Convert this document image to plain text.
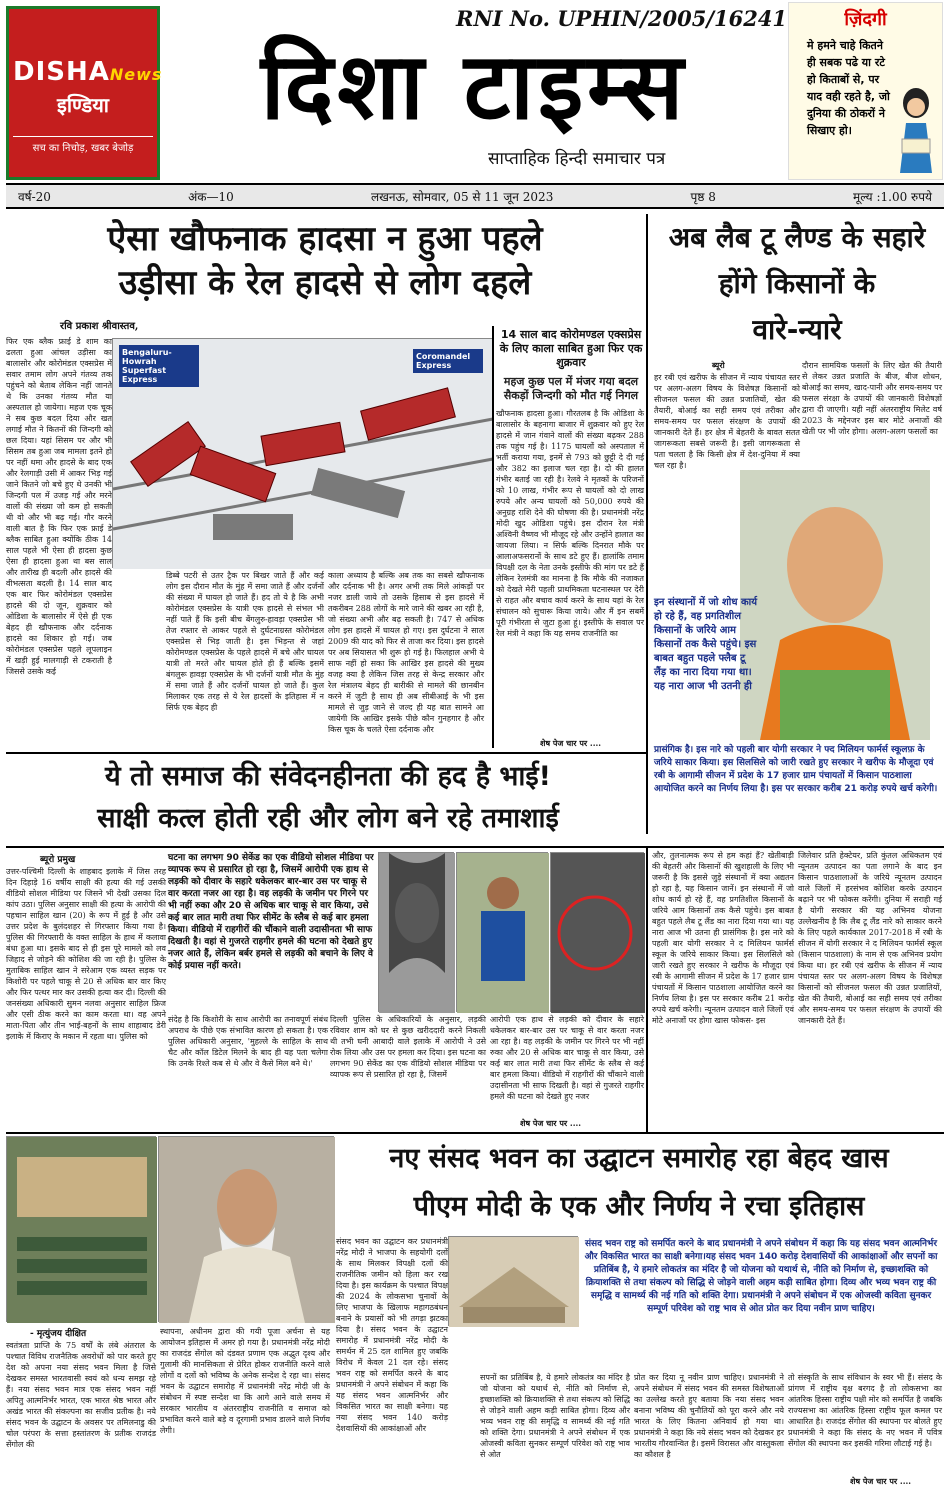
DISHANews
इण्डिया
सच का निचोड़, खबर बेजोड़
RNI No. UPHIN/2005/16241
दिशा टाइम्स
साप्ताहिक हिन्दी समाचार पत्र
ज़िंदगी
मे हमने चाहे कितने ही सबक पढे या रटे हो किताबों से, पर याद वही रहते है, जो दुनिया की ठोकरों ने सिखाए हो।
वर्ष-20	अंक—10	लखनऊ, सोमवार, 05 से 11 जून 2023	पृष्ठ 8	मूल्य :1.00 रुपये
ऐसा खौफनाक हादसा न हुआ पहले
उड़ीसा के रेल हादसे से लोग दहले
रवि प्रकाश श्रीवास्तव,
फिर एक ब्लैक फ्राई डे शाम का ढलता हुआ आंचल उड़ीसा का बालासोर और कोरोमंडल एक्सप्रेस में सवार तमाम लोग अपने गंतव्य तक पहुंचने को बेताब लेकिन नहीं जानते थे कि उनका गंतव्य मौत या अस्पताल हो जायेगा। महज एक चूक ने सब कुछ बदल दिया और खत लगाई मौत ने कितनों की जिन्दगी को छल दिया। यहां सिसम पर और भी सिसम तब हुआ जब मामला इतने हो पर नहीं थमा और हादसे के बाद एक और रेलगाड़ी उसी में आकर भिड़ गई जाने कितने जो बचे हुए थे उनकी भी जिन्दगी पल में उजड़ गई और मरने वालों की संख्या जो कम हो सकती थी वो और भी बढ़ गई। गौर करने वाली बात है कि फिर एक फ्राई डे ब्लैक साबित हुआ क्योंकि ठीक 14 साल पहले भी ऐसा ही हादसा कुछ ऐसा ही हादसा हुआ था बस साल और तारीख ही बदली और हादसे की वीभत्सता बदली है। 14 साल बाद एक बार फिर कोरोमंडल एक्सप्रेस हादसे की दो जून, शुक्रवार को ओडिशा के बालासोर में ऐसे ही एक बेहद ही खौफनाक और दर्दनाक हादसे का शिकार हो गई। जब कोरोमंडल एक्सप्रेस पहले लूपलाइन में खड़ी हुई मालगाड़ी से टकराती है जिससे उसके कई
Bengaluru-Howrah Superfast Express
Coromandel Express
डिब्बे पटरी से उतर ट्रैक पर बिखर जाते हैं और कई लोग इस दौरान मौत के मुंह में समा जाते हैं और दर्जनों की संख्या में घायल हो जाते हैं। हद तो ये है कि अभी कोरोमंडल एक्सप्रेस के यात्री एक हादसे से संभल भी नहीं पाते हैं कि इसी बीच बेंगलुरु-हावड़ा एक्सप्रेस भी तेज रफ्तार से आकर पहले से दुर्घटनाग्रस्त कोरोमंडल एक्सप्रेस से भिड़ जाती है। इस भिड़न्त से जहां कोरोमण्डल एक्सप्रेस के पहले हादसे में बचे और घायल यात्री तो मरते और घायल होते ही हैं बल्कि इसमें बंगलुरू हावड़ा एक्सप्रेस के भी दर्जनों यात्री मौत के मुंह में समा जाते हैं और दर्जनों घायल हो जाते हैं। कुल मिलाकर एक तरह से ये रेल हादसों के इतिहास में न सिर्फ एक बेहद ही
काला अध्याय है बल्कि अब तक का सबसे खौफनाक और दर्दनाक भी है। अगर अभी तक मिले आंकड़ों पर नजर डाली जाये तो उसके हिसाब से इस हादसे में तकरीबन 288 लोगों के मारे जाने की खबर आ रही है, जो संख्या अभी और बढ़ सकती है। 747 से अधिक लोग इस हादसे में घायल हो गए। इस दुर्घटना ने साल 2009 की याद को फिर से ताजा कर दिया। इस हादसे पर अब सियासत भी शुरू हो गई है। फिलहाल अभी ये साफ नहीं हो सका कि आखिर इस हादसे की मुख्य वजह क्या है लेकिन जिस तरह से केन्द्र सरकार और रेल मंत्रालय बेहद ही बारीकी से मामले की छानबीन करने में जुटी है साथ ही अब सीबीआई के भी इस मामले से जुड़ जाने से जल्द ही यह बात सामने आ जायेगी कि आखिर इसके पीछे कौन गुनहगार है और किस चूक के चलते ऐसा दर्दनाक और
14 साल बाद कोरोमण्डल एक्सप्रेस के लिए काला साबित हुआ फिर एक शुक्रवार
महज कुछ पल में मंजर गया बदल सैकड़ों जिन्दगी को मौत गई निगल
खौफनाक हादसा हुआ। गौरतलब है कि ओडिशा के बालासोर के बहनागा बाजार में शुक्रवार को हुए रेल हादसे में जान गंवाने वालों की संख्या बढ़कर 288 तक पहुंच गई है। 1175 घायलों को अस्पताल में भर्ती कराया गया, इनमें से 793 को छुट्टी दे दी गई और 382 का इलाज चल रहा है। दो की हालत गंभीर बताई जा रही है। रेलवे ने मृतकों के परिजनों को 10 लाख, गंभीर रूप से घायलों को दो लाख रुपये और अन्य घायलों को 50,000 रुपये की अनुग्रह राशि देने की घोषणा की है। प्रधानमंत्री नरेंद्र मोदी खुद ओडिशा पहुंचे। इस दौरान रेल मंत्री अश्विनी वैष्णव भी मौजूद रहे और उन्होंने हालात का जायजा लिया। न सिर्फ बल्कि दिनरात मौके पर आलाअफसरानों के साथ डटे हुए हैं। हालांकि तमाम विपक्षी दल के नेता उनके इस्तीफे की मांग पर डटे हैं लेकिन रेलमंत्री का मानना है कि मौके की नजाकत को देखते मेरी पहली प्राथमिकता घटनास्थल पर देरी से राहत और बचाव कार्य करने के साथ यहां के रेल संचालन को सुचारू किया जाये। और मैं इन सबमें पूरी गंभीरता से जुटा हुआ हूं। इस्तीफे के सवाल पर रेल मंत्री ने कहा कि यह समय राजनीति का
शेष पेज चार पर ....
अब लैब टू लैण्ड के सहारे
होंगे किसानों के
वारे-न्यारे
ब्यूरो
हर रबी एवं खरीफ के सीजन में न्याय पंचायत स्तर पर अलग-अलग विषय के विशेषज्ञ किसानों को सीजनल फसल की उन्नत प्रजातियों, खेत की तैयारी, बोआई का सही समय एवं तरीका और समय-समय पर फसल संरक्षण के उपायों की जानकारी देते हैं। हर क्षेत्र में बेहतरी के बावत सतत जागरूकता सबसे जरूरी है। इसी जागरूकता से पता चलता है कि किसी क्षेत्र में देश-दुनिया में क्या चल रहा है।
दौरान सामयिक फसलों के लिए खेत की तैयारी से लेकर उन्नत प्रजाति के बीज, बीज शोधन, बोआई का समय, खाद-पानी और समय-समय पर फसल संरक्षा के उपायों की जानकारी विशेषज्ञों द्वारा दी जाएगी। यही नहीं अंतरराष्ट्रीय मिलेट वर्ष 2023 के मद्देनजर इस बार मोटे अनाजों की खेती पर भी जोर होगा। अलग-अलग फसलों का
इन संस्थानों में जो शोध कार्य हो रहे हैं, वह प्रगतिशील किसानों के जरिये आम किसानों तक कैसे पहुंचे। इस बाबत बहुत पहले फ्लैब टू लैंड़ का नारा दिया गया था। यह नारा आज भी उतनी ही
प्रासंगिक है। इस नारे को पहली बार योगी सरकार ने फ्द मिलियन फार्मर्स स्कूलफ़ के जरिये साकार किया। इस सिलसिले को जारी रखते हुए सरकार ने खरीफ के मौजूदा एवं रबी के आगामी सीजन में प्रदेश के 17 हजार ग्राम पंचायतों में किसान पाठशाला आयोजित करने का निर्णय लिया है। इस पर सरकार करीब 21 करोड़ रुपये खर्च करेगी।
ये तो समाज की संवेदनहीनता की हद है भाई!
साक्षी कत्ल होती रही और लोग बने रहे तमाशाई
ब्यूरो प्रमुख
उत्तर-पश्चिमी दिल्ली के शाहबाद इलाके में जिस तरह दिन दिहाड़े 16 वर्षीय साक्षी की हत्या की गई उसकी वीडियो सोशल मीडिया पर जिसने भी देखी उसका दिल कांप उठा। पुलिस अनुसार साक्षी की हत्या के आरोपी की पहचान साहिल खान (20) के रूप में हुई है और उसे उत्तर प्रदेश के बुलंदशहर से गिरफ्तार किया गया है। पुलिस की गिरफ्तारी के वक्त साहिल के हाथ में कलावा बंधा हुआ था। इसके बाद से ही इस पूरे मामले को लव जिहाद से जोड़ने की कोशिश की जा रही है। पुलिस के मुताबिक साहिल खान ने सरेआम एक व्यस्त सड़क पर किशोरी पर पहले चाकू से 20 से अधिक बार वार किए और फिर पत्थर मार कर उसकी हत्या कर दी। दिल्ली की जनसंख्या अधिकारी सुमन नलवा अनुसार साहिल फ्रिज और एसी ठीक करने का काम करता था। वह अपने माता-पिता और तीन भाई-बहनों के साथ शाहाबाद डेरी इलाके में किराए के मकान में रहता था। पुलिस को
घटना का लगभग 90 सेकेंड का एक वीडियो सोशल मीडिया पर व्यापक रूप से प्रसारित हो रहा है, जिसमें आरोपी एक हाथ से लड़की को दीवार के सहारे धकेलकर बार-बार उस पर चाकू से वार करता नजर आ रहा है। वह लड़की के जमीन पर गिरने पर भी नहीं रुका और 20 से अधिक बार चाकू से वार किया, उसे कई बार लात मारी तथा फिर सीमेंट के स्लैब से कई बार हमला किया। वीडियो में राहगीरों की चौंकाने वाली उदासीनता भी साफ दिखती है। वहां से गुजरते राहगीर हमले की घटना को देखते हुए नजर आते हैं, लेकिन बर्बर हमले से लड़की को बचाने के लिए वे कोई प्रयास नहीं करते।
संदेह है कि किशोरी के साथ आरोपी का तनावपूर्ण संबंध अपराध के पीछे एक संभावित कारण हो सकता है। एक पुलिस अधिकारी अनुसार, 'मुहल्ले के साहिल के साथ चैट और कॉल डिटेल मिलने के बाद ही यह पता चलेगा कि उनके रिश्ते कब से थे और वे कैसे मिल बने थे।'
दिल्ली पुलिस के अधिकारियों के अनुसार, लड़की रविवार शाम को घर से कुछ खरीददारी करने निकली थी तभी घनी आबादी वाले इलाके में आरोपी ने उसे रोक लिया और उस पर हमला कर दिया। इस घटना का लगभग 90 सेकेंड का एक वीडियो सोशल मीडिया पर व्यापक रूप से प्रसारित हो रहा है, जिसमें
आरोपी एक हाथ से लड़की को दीवार के सहारे धकेलकर बार-बार उस पर चाकू से वार करता नजर आ रहा है। वह लड़की के जमीन पर गिरने पर भी नहीं रुका और 20 से अधिक बार चाकू से वार किया, उसे कई बार लात मारी तथा फिर सीमेंट के स्लैब से कई बार हमला किया। वीडियो में राहगीरों की चौंकाने वाली उदासीनता भी साफ दिखती है। वहां से गुजरते राहगीर हमले की घटना को देखते हुए नजर
शेष पेज चार पर ....
और, तुलनात्मक रूप से हम कहां हैं? खेतीबाड़ी की बेहतरी और किसानों की खुशहाली के लिए भी जरूरी है कि इससे जुड़े संस्थानों में क्या अद्यतन हो रहा है, यह किसान जानें। इन संस्थानों में जो शोध कार्य हो रहे हैं, वह प्रगतिशील किसानों के जरिये आम किसानों तक कैसे पहुंचे। इस बाबत बहुत पहले लैब टू लैंड का नारा दिया गया था। यह नारा आज भी उतना ही प्रासंगिक है। इस नारे को पहली बार योगी सरकार ने द मिलियन फार्मर्स स्कूल के जरिये साकार किया। इस सिलसिले को जारी रखते हुए सरकार ने खरीफ के मौजूदा एवं रबी के आगामी सीजन में प्रदेश के 17 हजार ग्राम पंचायतों में किसान पाठशाला आयोजित करने का निर्णय लिया है। इस पर सरकार करीब 21 करोड़ रुपये खर्च करेगी। न्यूनतम उत्पादन वाले जिलों एवं मोटे अनाजों पर होगा खास फोकस- इस
जिलेवार प्रति हेक्टेयर, प्रति कुंतल अधिकतम एवं न्यूनतम उत्पादन का पता लगाने के बाद इन किसान पाठशालाओं के जरिये न्यूनतम उत्पादन वाले जिलों में हरसंभव कोशिश करके उत्पादन बढ़ाने पर भी फोकस करेंगी। दुनिया में सराही गई है योगी सरकार की यह अभिनव योजना उल्लेखनीय है कि लैब टू लैंड नारे को साकार करने के लिए पहले कार्यकाल 2017-2018 में रबी के सीजन में योगी सरकार ने द मिलियन फार्मर्स स्कूल (किसान पाठशाला) के नाम से एक अभिनव प्रयोग किया था। हर रबी एवं खरीफ के सीजन में न्याय पंचायत स्तर पर अलग-अलग विषय के विशेषज्ञ किसानों को सीजनल फसल की उन्नत प्रजातियों, खेत की तैयारी, बोआई का सही समय एवं तरीका और समय-समय पर फसल संरक्षण के उपायों की जानकारी देते हैं।
नए संसद भवन का उद्घाटन समारोह रहा बेहद खास
पीएम मोदी के एक और निर्णय ने रचा इतिहास
संसद भवन का उद्घाटन कर प्रधानमंत्री नरेंद्र मोदी ने भाजपा के सहयोगी दलों के साथ मिलकर विपक्षी दलों की राजनीतिक जमीन को हिला कर रख दिया है। इस कार्यक्रम के पश्चात विपक्ष की 2024 के लोकसभा चुनावों के लिए भाजपा के खिलाफ महागठबंधन बनाने के प्रयासों को भी तगड़ा झटका दिया है। संसद भवन के उद्घाटन समारोह में प्रधानमंत्री नरेंद्र मोदी के समर्थन में 25 दल शामिल हुए जबकि विरोध में केवल 21 दल रहे। संसद भवन राष्ट्र को समर्पित करने के बाद प्रधानमंत्री ने अपने संबोधन में कहा कि यह संसद भवन आत्मनिर्भर और विकसित भारत का साक्षी बनेगा। यह नया संसद भवन 140 करोड़ देशवासियों की आकांक्षाओं और
संसद भवन राष्ट्र को समर्पित करने के बाद प्रधानमंत्री ने अपने संबोधन में कहा कि यह संसद भवन आत्मनिर्भर और विकसित भारत का साक्षी बनेगा।यह संसद भवन 140 करोड़ देशवासियों की आकांक्षाओं और सपनों का प्रतिबिंब है, ये हमारे लोकतंत्र का मंदिर है जो योजना को यथार्थ से, नीति को निर्माण से, इच्छाशक्ति को क्रियाशक्ति से तथा संकल्प को सिद्धि से जोड़ने वाली अहम कड़ी साबित होगा। दिव्य और भव्य भवन राष्ट्र की समृद्धि व सामर्थ्य की नई गति को शक्ति देगा। प्रधानमंत्री ने अपने संबोधन में एक ओजस्वी कविता सुनकर सम्पूर्ण परिवेश को राष्ट्र भाव से ओत प्रोत कर दिया नवीन प्राण चाहिए।
- मृत्युंजय दीक्षित
स्वतंत्रता प्राप्ति के 75 वर्षों के लंबे अंतराल के पश्चात विविध राजनैतिक अवरोधों को पार करते हुए देश को अपना नया संसद भवन मिला है जिसे देखकर समस्त भारतवासी स्वयं को धन्य समझ रहे हैं। नया संसद भवन मात्र एक संसद भवन नहीं अपितु आत्मनिर्भर भारत, एक भारत श्रेष्ठ भारत और अखंड भारत की संकल्पना का सजीव प्रतीक है। नये संसद भवन के उद्घाटन के अवसर पर तमिलनाडु की चोल परंपरा के सत्ता हस्तांतरण के प्रतीक राजदंड सेंगोल की
स्थापना, अधीनम द्वारा की गयी पूजा अर्चना से यह आयोजन इतिहास में अमर हो गया है। प्रधानमंत्री नरेंद्र मोदी का राजदंड सेंगोल को दंडवत प्रणाम एक अद्भुत दृश्य और गुलामी की मानसिकता से प्रेरित होकर राजनीति करने वाले लोगों व दलों को भविष्य के अनेक सन्देश दे रहा था। संसद भवन के उद्घाटन समारोह में प्रधानमंत्री नरेंद्र मोदी जी के संबोधन में स्पष्ट सन्देश था कि आगे आने वाले समय में सरकार भारतीय व अंतरराष्ट्रीय राजनीति व समाज को प्रभावित करने वाले बड़े व दूरगामी प्रभाव डालने वाले निर्णय लेगी।
सपनों का प्रतिबिंब है, ये हमारे लोकतंत्र का मंदिर है जो योजना को यथार्थ से, नीति को निर्माण से, इच्छाशक्ति को क्रियाशक्ति से तथा संकल्प को सिद्धि से जोड़ने वाली अहम कड़ी साबित होगा। दिव्य और भव्य भवन राष्ट्र की समृद्धि व सामर्थ्य की नई गति को शक्ति देगा। प्रधानमंत्री ने अपने संबोधन में एक ओजस्वी कविता सुनकर सम्पूर्ण परिवेश को राष्ट्र भाव से ओत
प्रोत कर दिया नू नवीन प्राण चाहिए। प्रधानमंत्री ने अपने संबोधन में संसद भवन की समस्त विशेषताओं का उल्लेख करते हुए बताया कि नया संसद भवन बनाना भविष्य की चुनौतियों को पूरा करने और नये भारत के लिए कितना अनिवार्य हो गया था। प्रधानमंत्री ने कहा कि नये संसद भवन को देखकर हर भारतीय गौरवान्वित है। इसमें विरासत और वास्तुकला का कौशल है
तो संस्कृति के साथ संविधान के स्वर भी हैं। संसद के प्रांगण में राष्ट्रीय वृक्ष बरगद है तो लोकसभा का आंतरिक हिस्सा राष्ट्रीय पक्षी मोर को समर्पित है जबकि राज्यसभा का आंतरिक हिस्सा राष्ट्रीय फूल कमल पर आधारित है। राजदंड सेंगोल की स्थापना पर बोलते हुए प्रधानमंत्री ने कहा कि संसद के नए भवन में पवित्र सेंगोल की स्थापना कर इसकी गरिमा लौटाई गई है।
शेष पेज चार पर ....
